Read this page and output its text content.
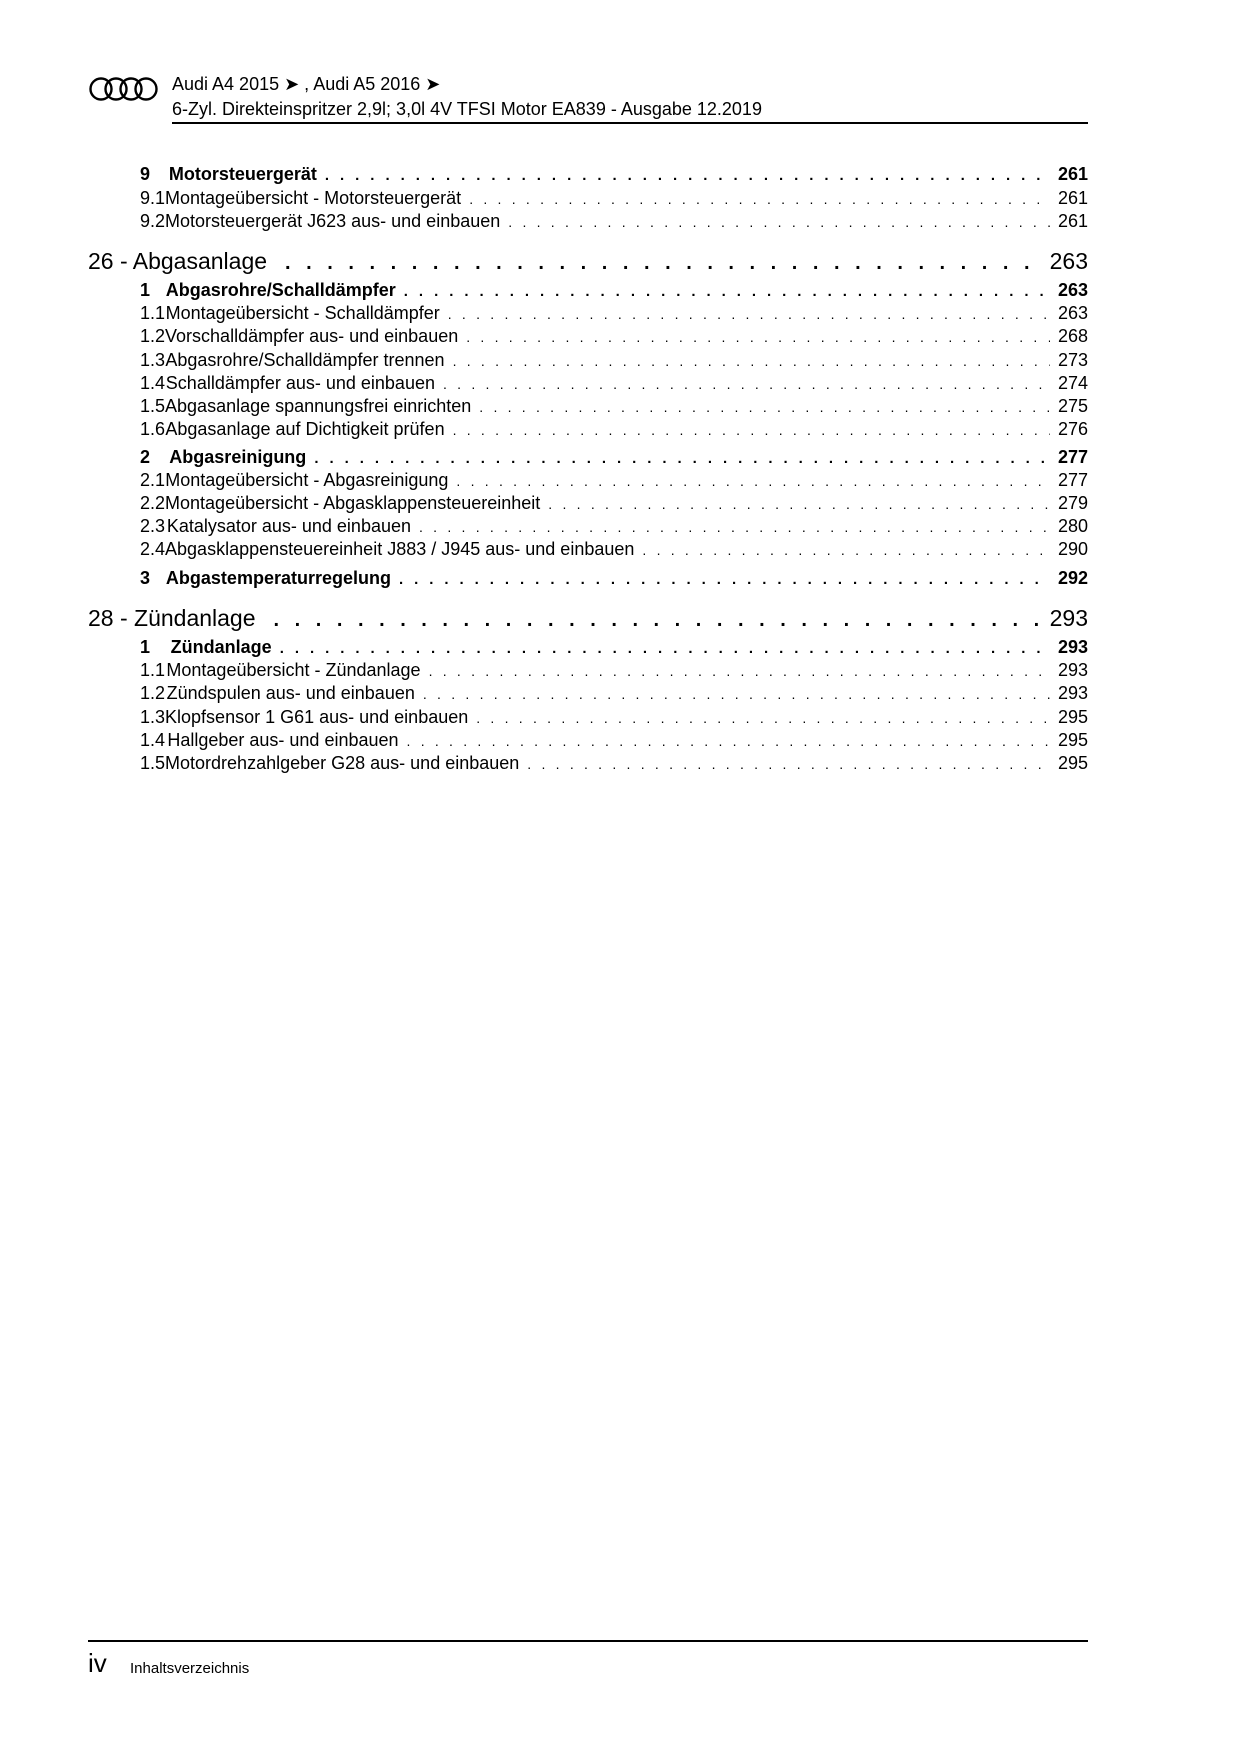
Audi A4 2015 ➤ , Audi A5 2016 ➤
6-Zyl. Direkteinspritzer 2,9l; 3,0l 4V TFSI Motor EA839 - Ausgabe 12.2019
9	Motorsteuergerät . . .	261
9.1 Montageübersicht - Motorsteuergerät . . .	261
9.2 Motorsteuergerät J623 aus- und einbauen . . .	261
26 - Abgasanlage . . .	263
1 Abgasrohre/Schalldämpfer . . .	263
1.1 Montageübersicht - Schalldämpfer . . .	263
1.2 Vorschalldämpfer aus- und einbauen . . .	268
1.3 Abgasrohre/Schalldämpfer trennen . . .	273
1.4 Schalldämpfer aus- und einbauen . . .	274
1.5 Abgasanlage spannungsfrei einrichten . . .	275
1.6 Abgasanlage auf Dichtigkeit prüfen . . .	276
2	Abgasreinigung . . .	277
2.1 Montageübersicht - Abgasreinigung . . .	277
2.2 Montageübersicht - Abgasklappensteuereinheit . . .	279
2.3 Katalysator aus- und einbauen . . .	280
2.4 Abgasklappensteuereinheit J883 / J945 aus- und einbauen . . .	290
3 Abgastemperaturregelung . . .	292
28 - Zündanlage . . .	293
1	Zündanlage . . .	293
1.1 Montageübersicht - Zündanlage . . .	293
1.2 Zündspulen aus- und einbauen . . .	293
1.3 Klopfsensor 1 G61 aus- und einbauen . . .	295
1.4 Hallgeber aus- und einbauen . . .	295
1.5 Motordrehzahlgeber G28 aus- und einbauen . . .	295
iv Inhaltsverzeichnis
